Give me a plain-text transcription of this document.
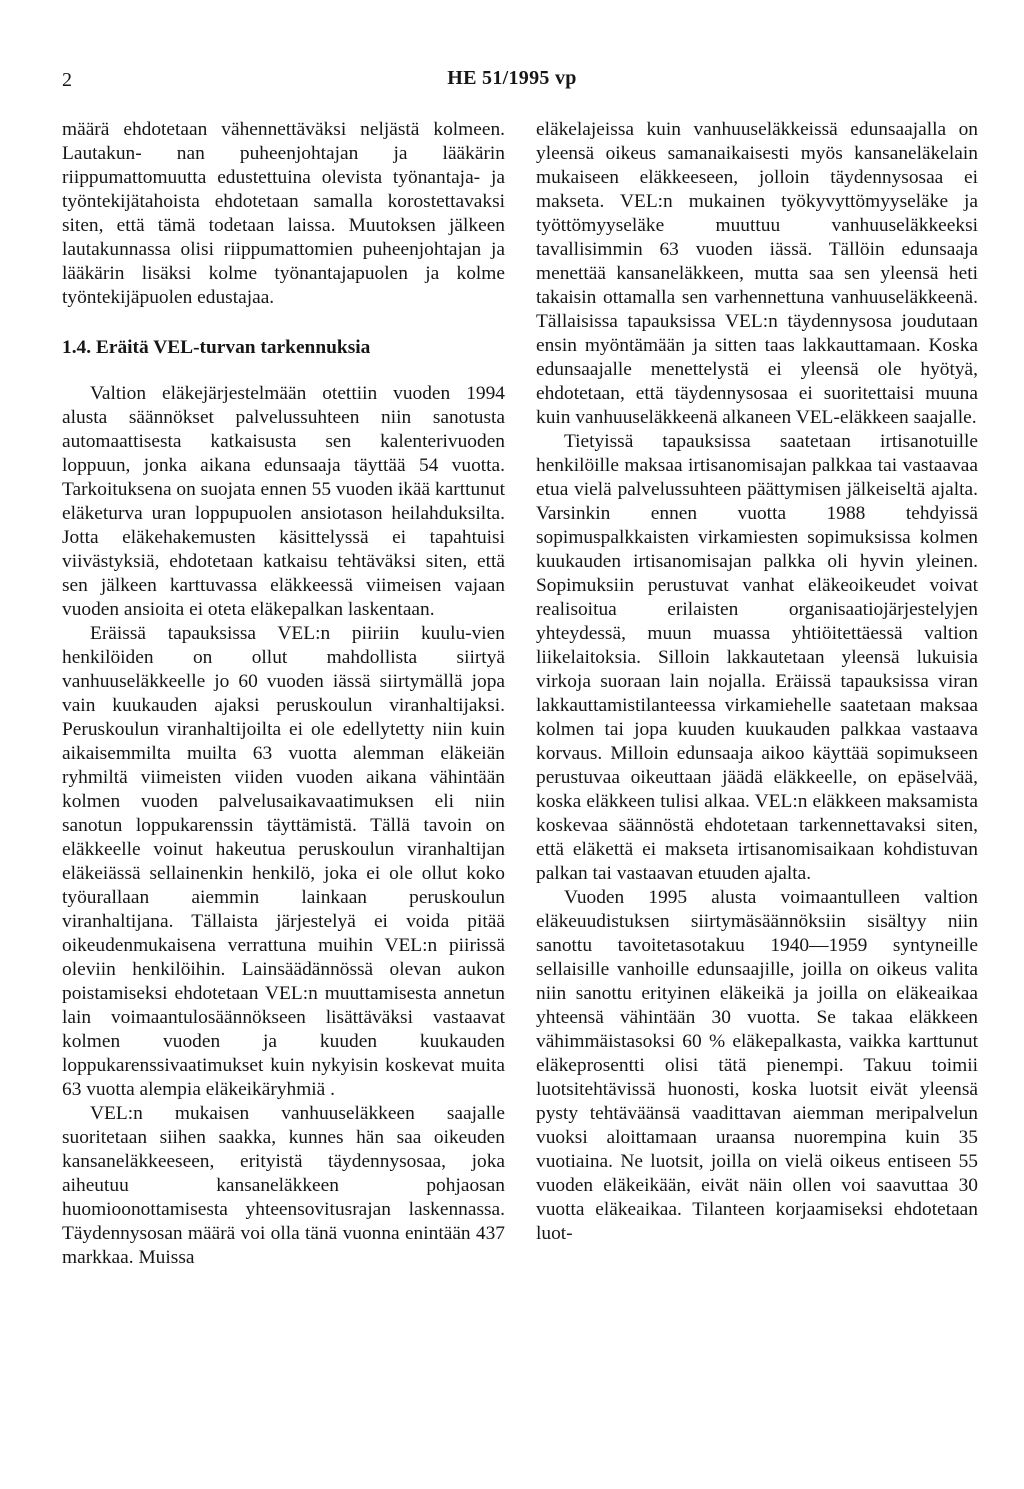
2	HE 51/1995 vp

määrä ehdotetaan vähennettäväksi neljästä kolmeen. Lautakun- nan puheenjohtajan ja lääkärin riippumattomuutta edustettuina olevista työnantaja- ja työntekijätahoista ehdotetaan samalla korostettavaksi siten, että tämä todetaan laissa. Muutoksen jälkeen lautakunnassa olisi riippumattomien puheenjohtajan ja lääkärin lisäksi kolme työnantajapuolen ja kolme työntekijäpuolen edustajaa.

1.4. Eräitä VEL-turvan tarkennuksia

Valtion eläkejärjestelmään otettiin vuoden 1994 alusta säännökset palvelussuhteen niin sanotusta automaattisesta katkaisusta sen kalenterivuoden loppuun, jonka aikana edunsaaja täyttää 54 vuotta. Tarkoituksena on suojata ennen 55 vuoden ikää karttunut eläketurva uran loppupuolen ansiotason heilahduksilta. Jotta eläkehakemusten käsittelyssä ei tapahtuisi viivästyksiä, ehdotetaan katkaisu tehtäväksi siten, että sen jälkeen karttuvassa eläkkeessä viimeisen vajaan vuoden ansioita ei oteta eläkepalkan laskentaan.

Eräissä tapauksissa VEL:n piiriin kuulu-vien henkilöiden on ollut mahdollista siirtyä vanhuuseläkkeelle jo 60 vuoden iässä siirtymällä jopa vain kuukauden ajaksi peruskoulun viranhaltijaksi. Peruskoulun viranhaltijoilta ei ole edellytetty niin kuin aikaisemmilta muilta 63 vuotta alemman eläkeiän ryhmiltä viimeisten viiden vuoden aikana vähintään kolmen vuoden palvelusaikavaatimuksen eli niin sanotun loppukarenssin täyttämistä. Tällä tavoin on eläkkeelle voinut hakeutua peruskoulun viranhaltijan eläkeiässä sellainenkin henkilö, joka ei ole ollut koko työurallaan aiemmin lainkaan peruskoulun viranhaltijana. Tällaista järjestelyä ei voida pitää oikeudenmukaisena verrattuna muihin VEL:n piirissä oleviin henkilöihin. Lainsäädännössä olevan aukon poistamiseksi ehdotetaan VEL:n muuttamisesta annetun lain voimaantulosäännökseen lisättäväksi vastaavat kolmen vuoden ja kuuden kuukauden loppukarenssivaatimukset kuin nykyisin koskevat muita 63 vuotta alempia eläkeikäryhmiä .

VEL:n mukaisen vanhuuseläkkeen saajalle suoritetaan siihen saakka, kunnes hän saa oikeuden kansaneläkkeeseen, erityistä täydennysosaa, joka aiheutuu kansaneläkkeen pohjaosan huomioonottamisesta yhteensovitusrajan laskennassa. Täydennysosan määrä voi olla tänä vuonna enintään 437 markkaa. Muissa

eläkelajeissa kuin vanhuuseläkkeissä edunsaajalla on yleensä oikeus samanaikaisesti myös kansaneläkelain mukaiseen eläkkeeseen, jolloin täydennysosaa ei makseta. VEL:n mukainen työkyvyttömyyseläke ja työttömyyseläke muuttuu vanhuuseläkkeeksi tavallisimmin 63 vuoden iässä. Tällöin edunsaaja menettää kansaneläkkeen, mutta saa sen yleensä heti takaisin ottamalla sen varhennettuna vanhuuseläkkeenä. Tällaisissa tapauksissa VEL:n täydennysosa joudutaan ensin myöntämään ja sitten taas lakkauttamaan. Koska edunsaajalle menettelystä ei yleensä ole hyötyä, ehdotetaan, että täydennysosaa ei suoritettaisi muuna kuin vanhuuseläkkeenä alkaneen VEL-eläkkeen saajalle.

Tietyissä tapauksissa saatetaan irtisanotuille henkilöille maksaa irtisanomisajan palkkaa tai vastaavaa etua vielä palvelussuhteen päättymisen jälkeiseltä ajalta. Varsinkin ennen vuotta 1988 tehdyissä sopimuspalkkaisten virkamiesten sopimuksissa kolmen kuukauden irtisanomisajan palkka oli hyvin yleinen. Sopimuksiin perustuvat vanhat eläkeoikeudet voivat realisoitua erilaisten organisaatiojärjestelyjen yhteydessä, muun muassa yhtiöitettäessä valtion liikelaitoksia. Silloin lakkautetaan yleensä lukuisia virkoja suoraan lain nojalla. Eräissä tapauksissa viran lakkauttamistilanteessa virkamiehelle saatetaan maksaa kolmen tai jopa kuuden kuukauden palkkaa vastaava korvaus. Milloin edunsaaja aikoo käyttää sopimukseen perustuvaa oikeuttaan jäädä eläkkeelle, on epäselvää, koska eläkkeen tulisi alkaa. VEL:n eläkkeen maksamista koskevaa säännöstä ehdotetaan tarkennettavaksi siten, että eläkettä ei makseta irtisanomisaikaan kohdistuvan palkan tai vastaavan etuuden ajalta.

Vuoden 1995 alusta voimaantulleen valtion eläkeuudistuksen siirtymäsäännöksiin sisältyy niin sanottu tavoitetasotakuu 1940—1959 syntyneille sellaisille vanhoille edunsaajille, joilla on oikeus valita niin sanottu erityinen eläkeikä ja joilla on eläkeaikaa yhteensä vähintään 30 vuotta. Se takaa eläkkeen vähimmäistasoksi 60 % eläkepalkasta, vaikka karttunut eläkeprosentti olisi tätä pienempi. Takuu toimii luotsitehtävissä huonosti, koska luotsit eivät yleensä pysty tehtäväänsä vaadittavan aiemman meripalvelun vuoksi aloittamaan uraansa nuorempina kuin 35 vuotiaina. Ne luotsit, joilla on vielä oikeus entiseen 55 vuoden eläkeikään, eivät näin ollen voi saavuttaa 30 vuotta eläkeaikaa. Tilanteen korjaamiseksi ehdotetaan luot-
